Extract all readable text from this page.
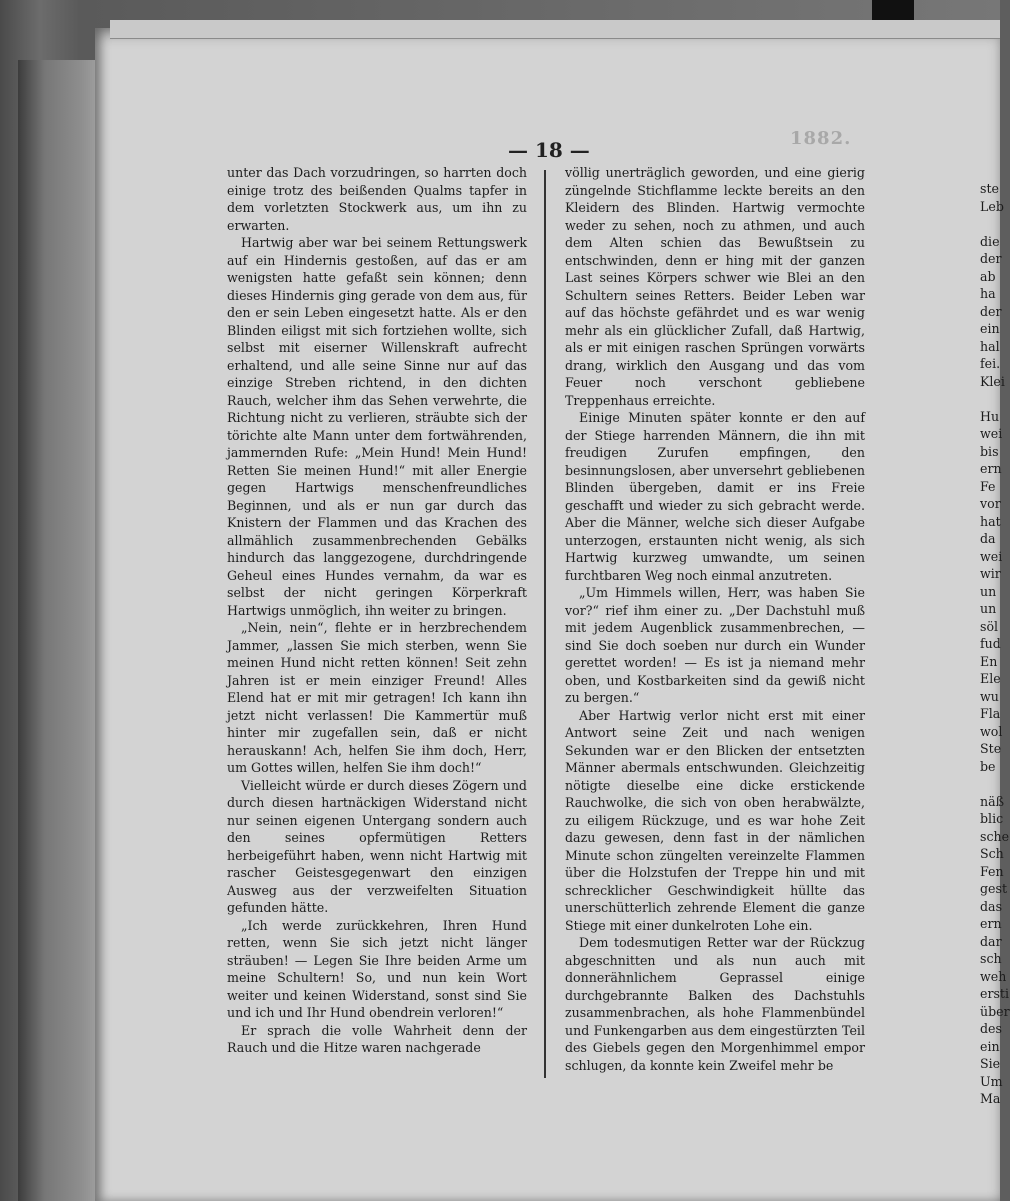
1882.
— 18 —

unter das Dach vorzudringen, so harrten doch einige trotz des beißenden Qualms tapfer in dem vorletzten Stockwerk aus, um ihn zu erwarten.

Hartwig aber war bei seinem Rettungswerk auf ein Hindernis gestoßen, auf das er am wenigsten hatte gefaßt sein können; denn dieses Hindernis ging gerade von dem aus, für den er sein Leben eingesetzt hatte. Als er den Blinden eiligst mit sich fortziehen wollte, sich selbst mit eiserner Willenskraft aufrecht erhaltend, und alle seine Sinne nur auf das einzige Streben richtend, in den dichten Rauch, welcher ihm das Sehen verwehrte, die Richtung nicht zu verlieren, sträubte sich der törichte alte Mann unter dem fortwährenden, jammernden Rufe: „Mein Hund! Mein Hund! Retten Sie meinen Hund!“ mit aller Energie gegen Hartwigs menschenfreundliches Beginnen, und als er nun gar durch das Knistern der Flammen und das Krachen des allmählich zusammenbrechenden Gebälks hindurch das langgezogene, durchdringende Geheul eines Hundes vernahm, da war es selbst der nicht geringen Körperkraft Hartwigs unmöglich, ihn weiter zu bringen.

„Nein, nein“, flehte er in herzbrechendem Jammer, „lassen Sie mich sterben, wenn Sie meinen Hund nicht retten können! Seit zehn Jahren ist er mein einziger Freund! Alles Elend hat er mit mir getragen! Ich kann ihn jetzt nicht verlassen! Die Kammertür muß hinter mir zugefallen sein, daß er nicht herauskann! Ach, helfen Sie ihm doch, Herr, um Gottes willen, helfen Sie ihm doch!“

Vielleicht würde er durch dieses Zögern und durch diesen hartnäckigen Widerstand nicht nur seinen eigenen Untergang sondern auch den seines opfermütigen Retters herbeigeführt haben, wenn nicht Hartwig mit rascher Geistesgegenwart den einzigen Ausweg aus der verzweifelten Situation gefunden hätte.

„Ich werde zurückkehren, Ihren Hund retten, wenn Sie sich jetzt nicht länger sträuben! — Legen Sie Ihre beiden Arme um meine Schultern! So, und nun kein Wort weiter und keinen Widerstand, sonst sind Sie und ich und Ihr Hund obendrein verloren!“

Er sprach die volle Wahrheit denn der Rauch und die Hitze waren nachgerade

völlig unerträglich geworden, und eine gierig züngelnde Stichflamme leckte bereits an den Kleidern des Blinden. Hartwig vermochte weder zu sehen, noch zu athmen, und auch dem Alten schien das Bewußtsein zu entschwinden, denn er hing mit der ganzen Last seines Körpers schwer wie Blei an den Schultern seines Retters. Beider Leben war auf das höchste gefährdet und es war wenig mehr als ein glücklicher Zufall, daß Hartwig, als er mit einigen raschen Sprüngen vorwärts drang, wirklich den Ausgang und das vom Feuer noch verschont gebliebene Treppenhaus erreichte.

Einige Minuten später konnte er den auf der Stiege harrenden Männern, die ihn mit freudigen Zurufen empfingen, den besinnungslosen, aber unversehrt gebliebenen Blinden übergeben, damit er ins Freie geschafft und wieder zu sich gebracht werde. Aber die Männer, welche sich dieser Aufgabe unterzogen, erstaunten nicht wenig, als sich Hartwig kurzweg umwandte, um seinen furchtbaren Weg noch einmal anzutreten.

„Um Himmels willen, Herr, was haben Sie vor?“ rief ihm einer zu. „Der Dachstuhl muß mit jedem Augenblick zusammenbrechen, — sind Sie doch soeben nur durch ein Wunder gerettet worden! — Es ist ja niemand mehr oben, und Kostbarkeiten sind da gewiß nicht zu bergen.“

Aber Hartwig verlor nicht erst mit einer Antwort seine Zeit und nach wenigen Sekunden war er den Blicken der entsetzten Männer abermals entschwunden. Gleichzeitig nötigte dieselbe eine dicke erstickende Rauchwolke, die sich von oben herabwälzte, zu eiligem Rückzuge, und es war hohe Zeit dazu gewesen, denn fast in der nämlichen Minute schon züngelten vereinzelte Flammen über die Holzstufen der Treppe hin und mit schrecklicher Geschwindigkeit hüllte das unerschütterlich zehrende Element die ganze Stiege mit einer dunkelroten Lohe ein.

Dem todesmutigen Retter war der Rückzug abgeschnitten und als nun auch mit donnerähnlichem Geprassel einige durchgebrannte Balken des Dachstuhls zusammenbrachen, als hohe Flammenbündel und Funkengarben aus dem eingestürzten Teil des Giebels gegen den Morgenhimmel empor schlugen, da konnte kein Zweifel mehr be

ste
Leb

die
der
ab
ha
der
ein
hal
fei.
Klei

Hu
wei
bis
ern
Fe
vor
hat
da
wei
wir
un
un
söl
fud
En
Ele
wu
Fla
wol
Ste
be

näß
blic
sche
Sch
Fen
gest
das
ern
dar
sch
weh
ersti
über
des
ein
Sie
Um
Ma
